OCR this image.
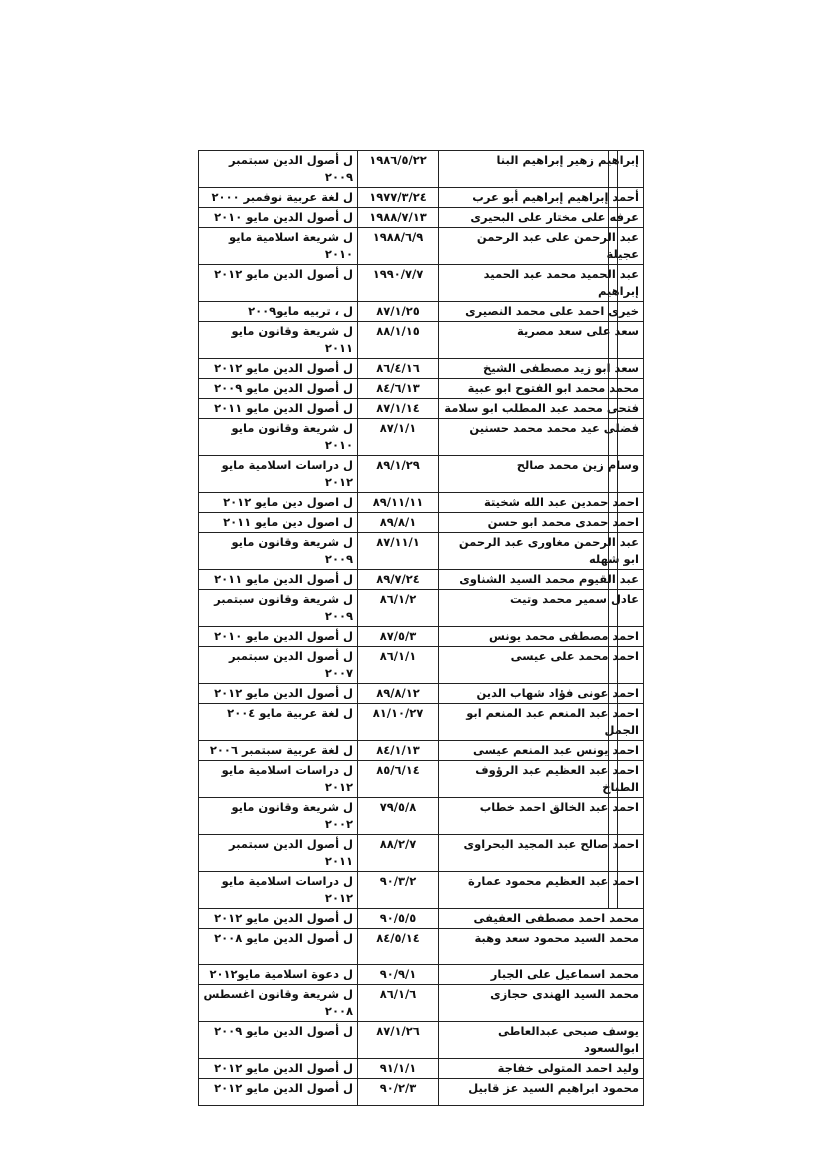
إبراهيم زهير إبراهيم البنا	١٩٨٦/٥/٢٢	ل أصول الدين سبتمبر ٢٠٠٩
أحمد إبراهيم إبراهيم أبو عرب	١٩٧٧/٣/٢٤	ل لغة عربية نوفمبر ٢٠٠٠
عرفه على مختار على البحيرى	١٩٨٨/٧/١٣	ل أصول الدين مايو ٢٠١٠
عبد الرحمن على عبد الرحمن عجيلة	١٩٨٨/٦/٩	ل شريعة اسلامية مايو ٢٠١٠
عبد الحميد محمد عبد الحميد إبراهيم	١٩٩٠/٧/٧	ل أصول الدين مايو ٢٠١٢
خيرى احمد على محمد النصيرى	٨٧/١/٢٥	ل ، تربيه مايو٢٠٠٩
سعد على سعد مصرية	٨٨/١/١٥	ل شريعة وقانون مايو ٢٠١١
سعد ابو زيد مصطفى الشيخ	٨٦/٤/١٦	ل أصول الدين مايو ٢٠١٢
محمد محمد ابو الفتوح ابو عبية	٨٤/٦/١٣	ل أصول الدين مايو ٢٠٠٩
فتحى محمد عبد المطلب ابو سلامة	٨٧/١/١٤	ل أصول الدين مايو ٢٠١١
فضلى عيد محمد محمد حسنين	٨٧/١/١	ل شريعة وقانون مايو ٢٠١٠
وسام زين محمد صالح	٨٩/١/٢٩	ل دراسات اسلامية مايو ٢٠١٢
احمد حمدين عبد الله شخيتة	٨٩/١١/١١	ل اصول دين مايو ٢٠١٢
احمد حمدى محمد ابو حسن	٨٩/٨/١	ل اصول دين مايو ٢٠١١
عبد الرحمن مغاورى عبد الرحمن ابو شهله	٨٧/١١/١	ل شريعة وقانون مايو ٢٠٠٩
عبد القيوم محمد السيد الشناوى	٨٩/٧/٢٤	ل أصول الدين مايو ٢٠١١
عادل سمير محمد وتيت	٨٦/١/٢	ل شريعة وقانون سبتمبر ٢٠٠٩
احمد مصطفى محمد يونس	٨٧/٥/٣	ل أصول الدين مايو ٢٠١٠
احمد محمد على عيسى	٨٦/١/١	ل أصول الدين سبتمبر ٢٠٠٧
احمد عونى فؤاد شهاب الدين	٨٩/٨/١٢	ل أصول الدين مايو ٢٠١٢
احمد عبد المنعم عبد المنعم ابو الجمل	٨١/١٠/٢٧	ل لغة عربية مايو ٢٠٠٤
احمد يونس عبد المنعم عيسى	٨٤/١/١٣	ل لغة عربية سبتمبر ٢٠٠٦
احمد عبد العظيم عبد الرؤوف الطباخ	٨٥/٦/١٤	ل دراسات اسلامية مايو ٢٠١٢
احمد عبد الخالق احمد خطاب	٧٩/٥/٨	ل شريعة وقانون مايو ٢٠٠٢
احمد صالح عبد المجيد البحراوى	٨٨/٢/٧	ل أصول الدين سبتمبر ٢٠١١
احمد عبد العظيم محمود عمارة	٩٠/٣/٢	ل دراسات اسلامية مايو ٢٠١٢
محمد احمد مصطفى العفيفى	٩٠/٥/٥	ل أصول الدين مايو ٢٠١٢
محمد السيد محمود سعد وهبة	٨٤/٥/١٤	ل أصول الدين مايو ٢٠٠٨
محمد اسماعيل على الجبار	٩٠/٩/١	ل دعوة اسلامية مايو٢٠١٢
محمد السيد الهندى حجازى	٨٦/١/٦	ل شريعة وقانون اغسطس ٢٠٠٨
يوسف صبحى عبدالعاطى ابوالسعود	٨٧/١/٢٦	ل أصول الدين مايو ٢٠٠٩
وليد احمد المتولى خفاجة	٩١/١/١	ل أصول الدين مايو ٢٠١٢
محمود ابراهيم السيد عز قابيل	٩٠/٢/٣	ل أصول الدين مايو ٢٠١٢
